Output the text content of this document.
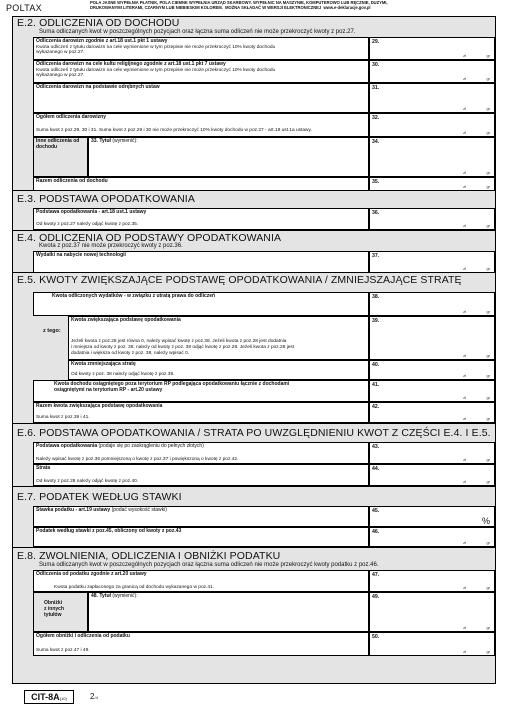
POLTAX
POLA JASNE WYPEŁNIA PŁATNIK, POLA CIEMNE WYPEŁNIA URZĄD SKARBOWY. WYPEŁNIĆ NA MASZYNIE, KOMPUTEROWO LUB RĘCZNIE, DUŻYMI,
DRUKOWANYMI LITERAMI, CZARNYM LUB NIEBIESKIM KOLOREM. MOŻNA SKŁADAĆ W WERSJI ELEKTRONICZNEJ www.e-deklaracje.gov.pl
E.2. ODLICZENIA OD DOCHODU
Suma odliczanych kwot w poszczególnych pozycjach oraz łączna suma odliczeń nie może przekroczyć kwoty z poz.27.
Odliczenia darowizn zgodnie z art.18 ust.1 pkt 1 ustawy
Kwota odliczeń z tytułu darowizn na cele wymienione w tym przepisie nie może przekroczyć 10% kwoty dochodu
wykazanego w poz.27.
29.
zł	gr
Odliczenia darowizn na cele kultu religijnego zgodnie z art.18 ust.1 pkt 7 ustawy
Kwota odliczeń z tytułu darowizn na cele wymienione w tym przepisie nie może przekroczyć 10% kwoty dochodu
wykazanego w poz.27.
30.
zł	gr
Odliczenia darowizn na podstawie odrębnych ustaw	31.
zł	gr
Ogółem odliczenia darowizny
Suma kwot z poz.29, 30 i 31. Suma kwot z poz.29 i 30 nie może przekroczyć 10% kwoty dochodu w poz.27 - art.18 ust.1a ustawy.
32.
zł	gr
Inne odliczenia od
dochodu
33. Tytuł (wymienić):	34.
zł	gr
Razem odliczenia od dochodu	35.
zł	gr
E.3. PODSTAWA OPODATKOWANIA
Podstawa opodatkowania - art.18 ust.1 ustawy
Od kwoty z poz.27 należy odjąć kwotę z poz.35.
36.
zł	gr
E.4. ODLICZENIA OD PODSTAWY OPODATKOWANIA
Kwota z poz.37 nie może przekroczyć kwoty z poz.36.
Wydatki na nabycie nowej technologii	37.
zł	gr
E.5. KWOTY ZWIĘKSZAJĄCE PODSTAWĘ OPODATKOWANIA / ZMNIEJSZAJĄCE STRATĘ
Kwota odliczonych wydatków - w związku z utratą prawa do odliczeń	38.
zł	gr
z tego:
Kwota zwiększająca podstawę opodatkowania
Jeżeli kwota z poz.28 jest równa 0, należy wpisać kwotę z poz.38. Jeżeli kwota z poz.28 jest dodatnia
i mniejsza od kwoty z poz. 38, należy od kwoty z poz. 38 odjąć kwotę z poz.28. Jeżeli kwota z poz.28 jest
dodatnia i większa od kwoty z poz. 38, należy wpisać 0.
39.
zł	gr
Kwota zmniejszająca stratę
Od kwoty z poz. 38 należy odjąć kwotę z poz.39.
40.
zł	gr
Kwota dochodu osiągniętego poza terytorium RP podlegająca opodatkowaniu łącznie z dochodami
osiągniętymi na terytorium RP - art.20 ustawy
41.
zł	gr
Razem kwota zwiększająca podstawę opodatkowania
Suma kwot z poz.39 i 41.
42.
zł	gr
E.6. PODSTAWA OPODATKOWANIA / STRATA PO UWZGLĘDNIENIU KWOT Z CZĘŚCI E.4. I E.5.
Podstawa opodatkowania (podaje się po zaokrągleniu do pełnych złotych)
Należy wpisać kwotę z poz.36 pomniejszoną o kwotę z poz.37 i powiększoną o kwotę z poz.42.
43.
zł	gr
Strata
Od kwoty z poz.28 należy odjąć kwotę z poz.40.
44.
zł	gr
E.7. PODATEK WEDŁUG STAWKI
Stawka podatku - art.19 ustawy (podać wysokość stawki)	45.
%
Podatek według stawki z poz.45, obliczony od kwoty z poz.43	46.
zł	gr
E.8. ZWOLNIENIA, ODLICZENIA I OBNIŻKI PODATKU
Suma odliczanych kwot w poszczególnych pozycjach oraz łączna suma odliczeń nie może przekroczyć kwoty podatku z poz.46.
Odliczenia od podatku zgodnie z art.20 ustawy
Kwota podatku zapłaconego za granicą od dochodu wykazanego w poz.41.
47.
zł	gr
Obniżki
z innych
tytułów
48. Tytuł (wymienić):	49.
zł	gr
Ogółem obniżki i odliczenia od podatku
Suma kwot z poz.47 i 49.
50.
zł	gr
CIT-8A(10)	2/4
